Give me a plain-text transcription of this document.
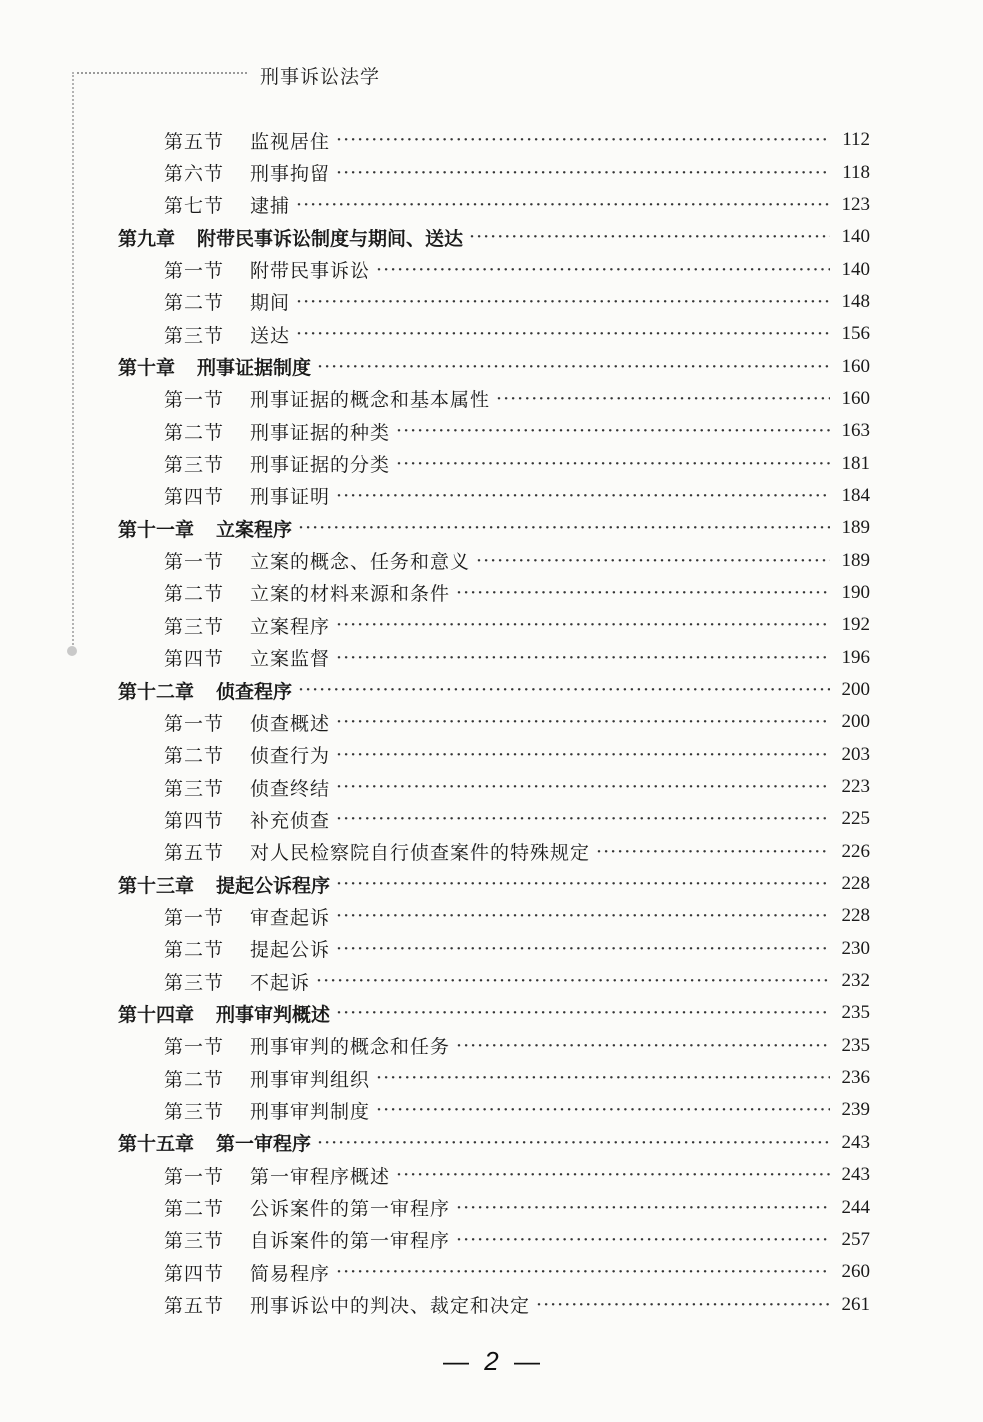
刑事诉讼法学
第五节 监视居住 ·····	112
第六节 刑事拘留 ·····	118
第七节 逮捕 ·····	123
第九章 附带民事诉讼制度与期间、送达 ·····	140
第一节 附带民事诉讼 ·····	140
第二节 期间 ·····	148
第三节 送达 ·····	156
第十章 刑事证据制度 ·····	160
第一节 刑事证据的概念和基本属性 ·····	160
第二节 刑事证据的种类 ·····	163
第三节 刑事证据的分类 ·····	181
第四节 刑事证明 ·····	184
第十一章 立案程序 ·····	189
第一节 立案的概念、任务和意义 ·····	189
第二节 立案的材料来源和条件 ·····	190
第三节 立案程序 ·····	192
第四节 立案监督 ·····	196
第十二章 侦查程序 ·····	200
第一节 侦查概述 ·····	200
第二节 侦查行为 ·····	203
第三节 侦查终结 ·····	223
第四节 补充侦查 ·····	225
第五节 对人民检察院自行侦查案件的特殊规定 ·····	226
第十三章 提起公诉程序 ·····	228
第一节 审查起诉 ·····	228
第二节 提起公诉 ·····	230
第三节 不起诉 ·····	232
第十四章 刑事审判概述 ·····	235
第一节 刑事审判的概念和任务 ·····	235
第二节 刑事审判组织 ·····	236
第三节 刑事审判制度 ·····	239
第十五章 第一审程序 ·····	243
第一节 第一审程序概述 ·····	243
第二节 公诉案件的第一审程序 ·····	244
第三节 自诉案件的第一审程序 ·····	257
第四节 简易程序 ·····	260
第五节 刑事诉讼中的判决、裁定和决定 ·····	261
— 2 —
